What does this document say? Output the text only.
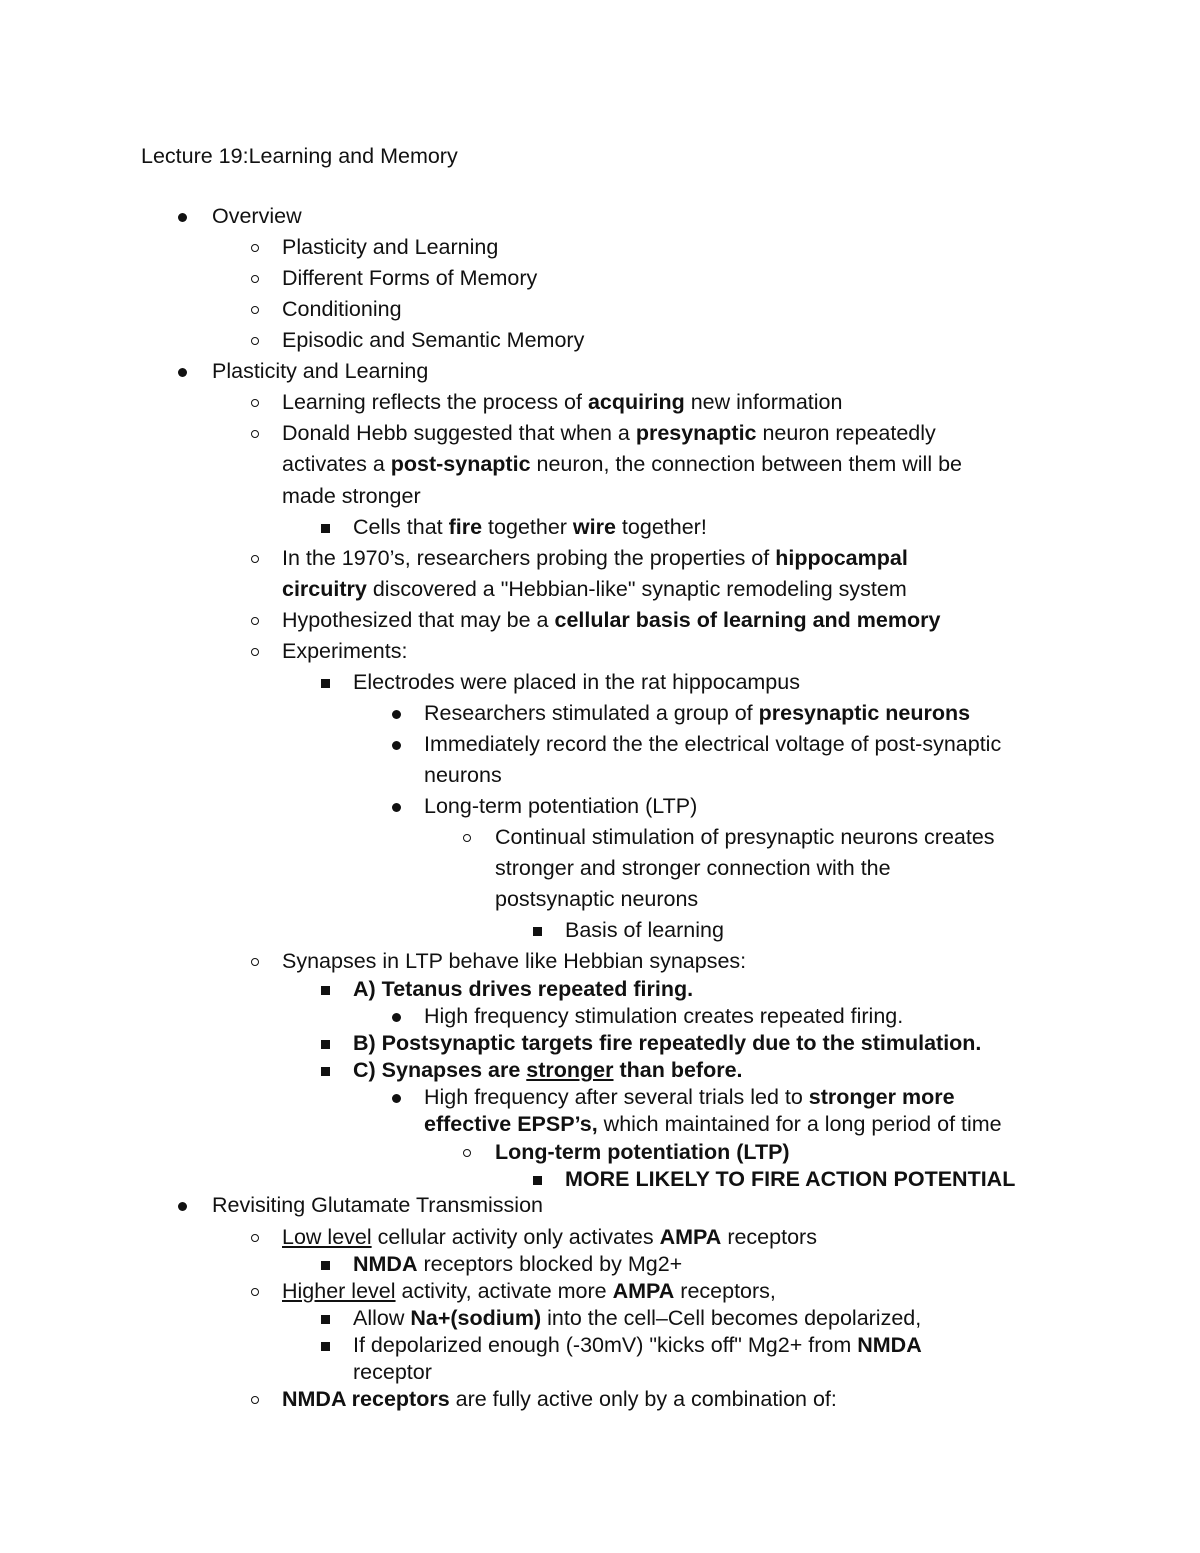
Lecture 19:Learning and Memory
Overview
Plasticity and Learning
Different Forms of Memory
Conditioning
Episodic and Semantic Memory
Plasticity and Learning
Learning reflects the process of acquiring new information
Donald Hebb suggested that when a presynaptic neuron repeatedly
activates a post-synaptic neuron, the connection between them will be
made stronger
Cells that fire together wire together!
In the 1970’s, researchers probing the properties of hippocampal
circuitry discovered a "Hebbian-like" synaptic remodeling system
Hypothesized that may be a cellular basis of learning and memory
Experiments:
Electrodes were placed in the rat hippocampus
Researchers stimulated a group of presynaptic neurons
Immediately record the the electrical voltage of post-synaptic
neurons
Long-term potentiation (LTP)
Continual stimulation of presynaptic neurons creates
stronger and stronger connection with the
postsynaptic neurons
Basis of learning
Synapses in LTP behave like Hebbian synapses:
A) Tetanus drives repeated firing.
High frequency stimulation creates repeated firing.
B) Postsynaptic targets fire repeatedly due to the stimulation.
C) Synapses are stronger than before.
High frequency after several trials led to stronger more
effective EPSP’s, which maintained for a long period of time
Long-term potentiation (LTP)
MORE LIKELY TO FIRE ACTION POTENTIAL
Revisiting Glutamate Transmission
Low level cellular activity only activates AMPA receptors
NMDA receptors blocked by Mg2+
Higher level activity, activate more AMPA receptors,
Allow Na+(sodium) into the cell–Cell becomes depolarized,
If depolarized enough (-30mV) "kicks off" Mg2+ from NMDA
receptor
NMDA receptors are fully active only by a combination of:
